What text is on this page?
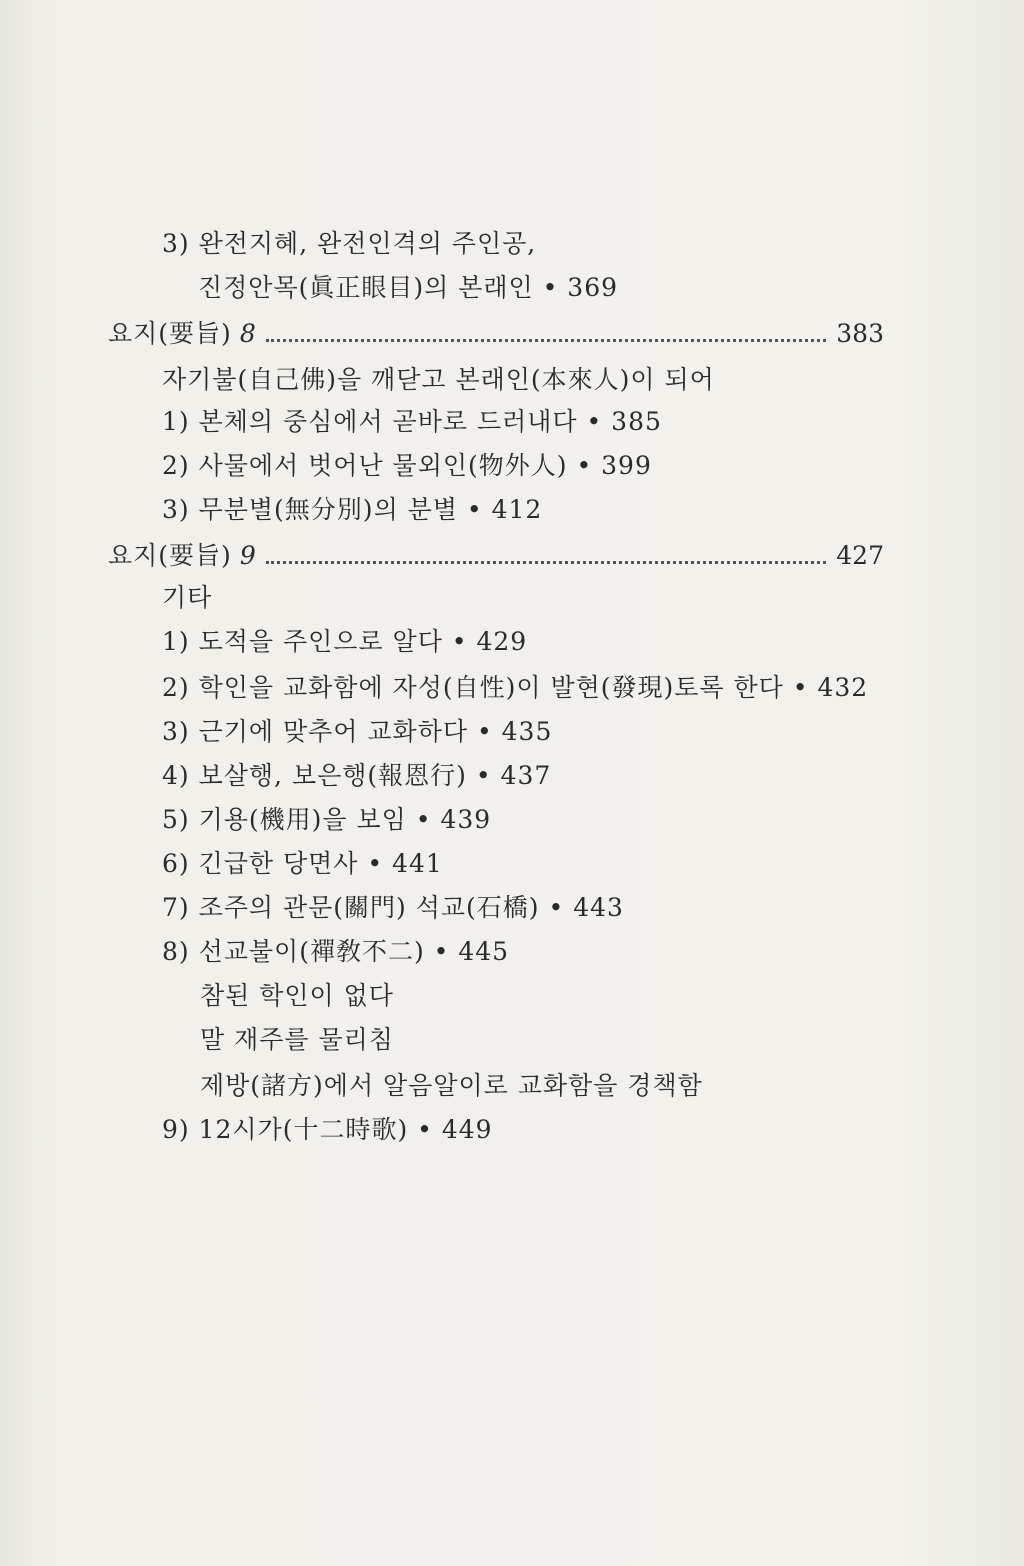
3) 완전지혜, 완전인격의 주인공,
진정안목(眞正眼目)의 본래인 • 369
요지(要旨) 8	383
자기불(自己佛)을 깨닫고 본래인(本來人)이 되어
1) 본체의 중심에서 곧바로 드러내다 • 385
2) 사물에서 벗어난 물외인(物外人) • 399
3) 무분별(無分別)의 분별 • 412
요지(要旨) 9	427
기타
1) 도적을 주인으로 알다 • 429
2) 학인을 교화함에 자성(自性)이 발현(發現)토록 한다 • 432
3) 근기에 맞추어 교화하다 • 435
4) 보살행, 보은행(報恩行) • 437
5) 기용(機用)을 보임 • 439
6) 긴급한 당면사 • 441
7) 조주의 관문(關門) 석교(石橋) • 443
8) 선교불이(禪敎不二) • 445
참된 학인이 없다
말 재주를 물리침
제방(諸方)에서 알음알이로 교화함을 경책함
9) 12시가(十二時歌) • 449
